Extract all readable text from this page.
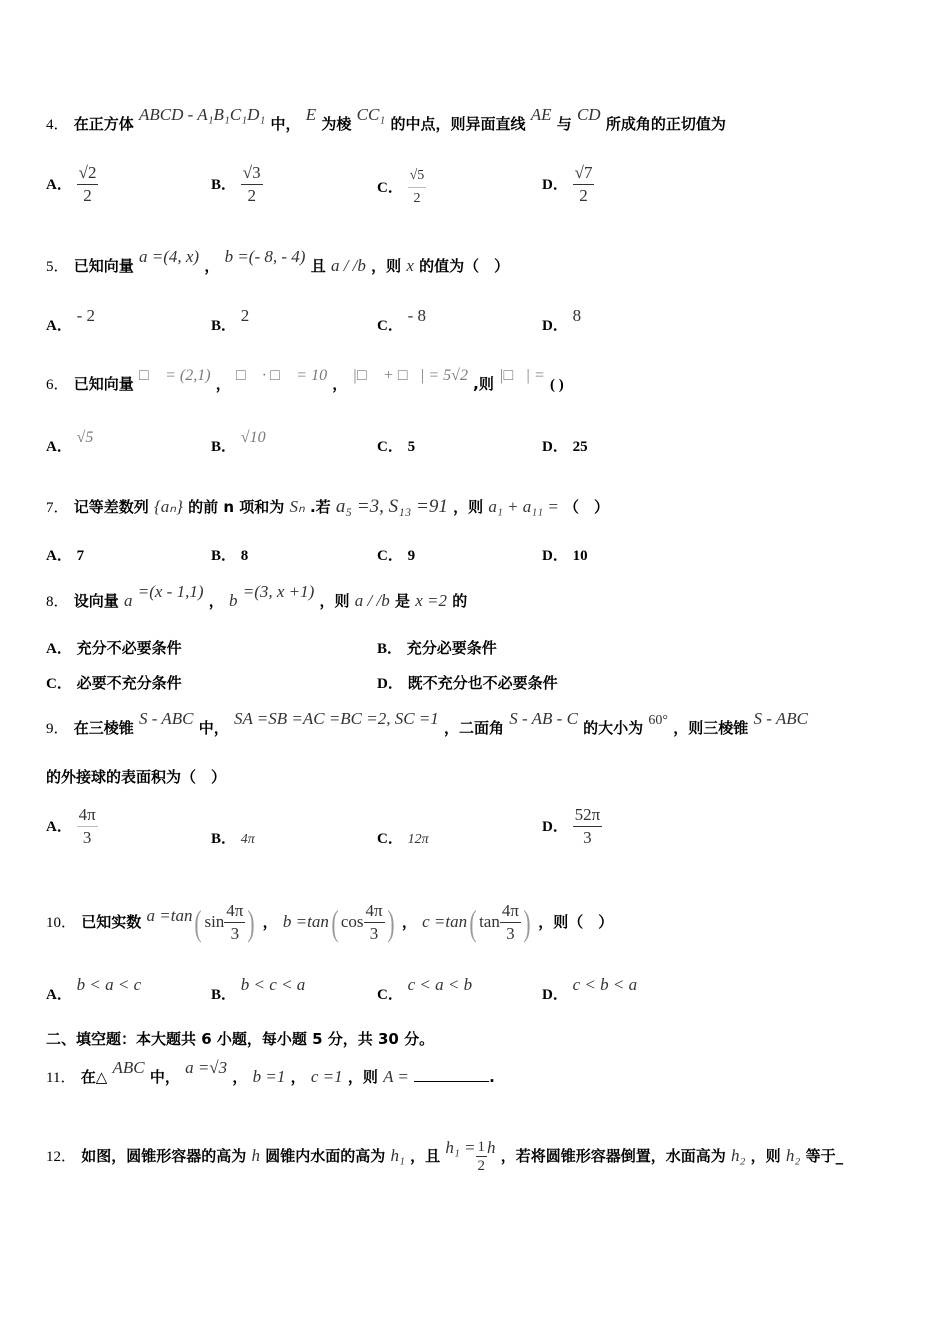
4． 在正方体 ABCD - A₁B₁C₁D₁ 中， E 为棱 CC₁ 的中点，则异面直线 AE 与 CD 所成角的正切值为
A． $\frac{√2}{2}$	B． $\frac{√3}{2}$	C． $\frac{√5}{2}$	D． $\frac{√7}{2}$
5． 已知向量 a =(4, x) ， b =(- 8, - 4) 且 a / /b ，则 x 的值为（　）
A． - 2
B． 2
C． - 8
D． 8
6． 已知向量 □⃗ = (2,1) ， □⃗ · □⃗ = 10 ， |□⃗ + □⃗| = 5√2 ,则 |□⃗| = ( )
A． √5
B． √10
C． 5	D． 25
7． 记等差数列 {aₙ} 的前 n 项和为 Sₙ .若 a₅ =3, S₁₃ =91 ，则 a₁ + a₁₁ = （　）
A． 7	B． 8	C． 9	D． 10
8． 设向量 a =(x - 1,1) ， b =(3, x +1) ，则 a / /b 是 x =2 的
A． 充分不必要条件	B． 充分必要条件
C． 必要不充分条件	D． 既不充分也不必要条件
9． 在三棱锥 S - ABC 中， SA =SB =AC =BC =2, SC =1 ，二面角 S - AB - C 的大小为 60° ，则三棱锥 S - ABC
的外接球的表面积为（　）
A． $\frac{4\pi}{3}$	B． 4π	C． 12π
D． $\frac{52\pi}{3}$
10． 已知实数 a =tan( $\sin \frac{4\pi}{3}$ ) ， b =tan( $\cos \frac{4\pi}{3}$ ) ， c =tan( $\tan \frac{4\pi}{3}$ ) ，则（　）
A． b < a < c
B． b < c < a
C． c < a < b
D． c < b < a
二、填空题：本大题共 6 小题，每小题 5 分，共 30 分。
11． 在△ ABC 中， a =√3 ， b =1 ， c =1 ，则 A =	.
12． 如图，圆锥形容器的高为 h 圆锥内水面的高为 h₁ ，且 $h_1 = \frac{1}{2}$ h ，若将圆锥形容器倒置，水面高为 h₂ ，则 h₂ 等于_
